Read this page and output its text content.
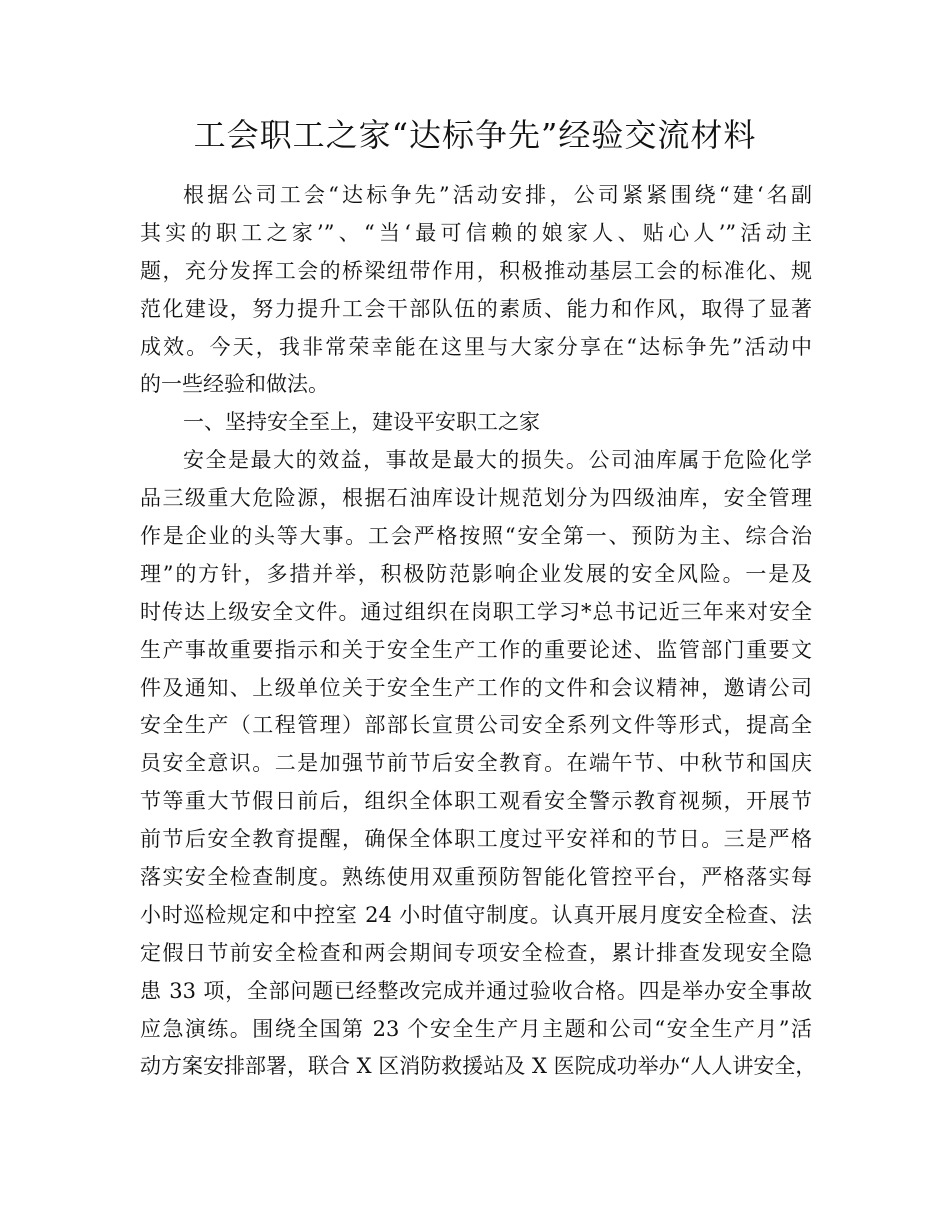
工会职工之家“达标争先”经验交流材料
根据公司工会“达标争先”活动安排，公司紧紧围绕“建‘名副
其实的职工之家’”、“当‘最可信赖的娘家人、贴心人’”活动主
题，充分发挥工会的桥梁纽带作用，积极推动基层工会的标准化、规
范化建设，努力提升工会干部队伍的素质、能力和作风，取得了显著
成效。今天，我非常荣幸能在这里与大家分享在“达标争先”活动中
的一些经验和做法。
一、坚持安全至上，建设平安职工之家
安全是最大的效益，事故是最大的损失。公司油库属于危险化学
品三级重大危险源，根据石油库设计规范划分为四级油库，安全管理
作是企业的头等大事。工会严格按照“安全第一、预防为主、综合治
理”的方针，多措并举，积极防范影响企业发展的安全风险。一是及
时传达上级安全文件。通过组织在岗职工学习*总书记近三年来对安全
生产事故重要指示和关于安全生产工作的重要论述、监管部门重要文
件及通知、上级单位关于安全生产工作的文件和会议精神，邀请公司
安全生产（工程管理）部部长宣贯公司安全系列文件等形式，提高全
员安全意识。二是加强节前节后安全教育。在端午节、中秋节和国庆
节等重大节假日前后，组织全体职工观看安全警示教育视频，开展节
前节后安全教育提醒，确保全体职工度过平安祥和的节日。三是严格
落实安全检查制度。熟练使用双重预防智能化管控平台，严格落实每
小时巡检规定和中控室 24 小时值守制度。认真开展月度安全检查、法
定假日节前安全检查和两会期间专项安全检查，累计排查发现安全隐
患 33 项，全部问题已经整改完成并通过验收合格。四是举办安全事故
应急演练。围绕全国第 23 个安全生产月主题和公司“安全生产月”活
动方案安排部署，联合 X 区消防救援站及 X 医院成功举办“人人讲安全，
